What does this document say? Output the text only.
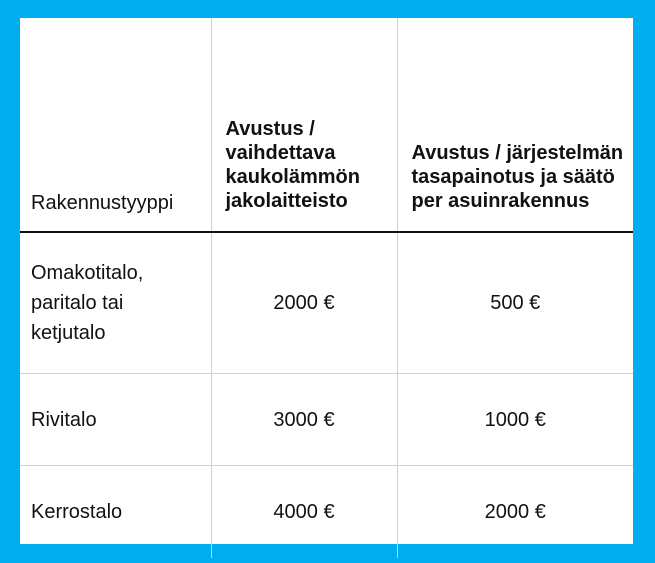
Rakennustyyppi	Avustus / vaihdettava kaukolämmön jakolaitteisto	Avustus / järjestelmän tasapainotus ja säätö per asuinrakennus
Omakotitalo, paritalo tai ketjutalo	2000 €	500 €
Rivitalo	3000 €	1000 €
Kerrostalo	4000 €	2000 €
